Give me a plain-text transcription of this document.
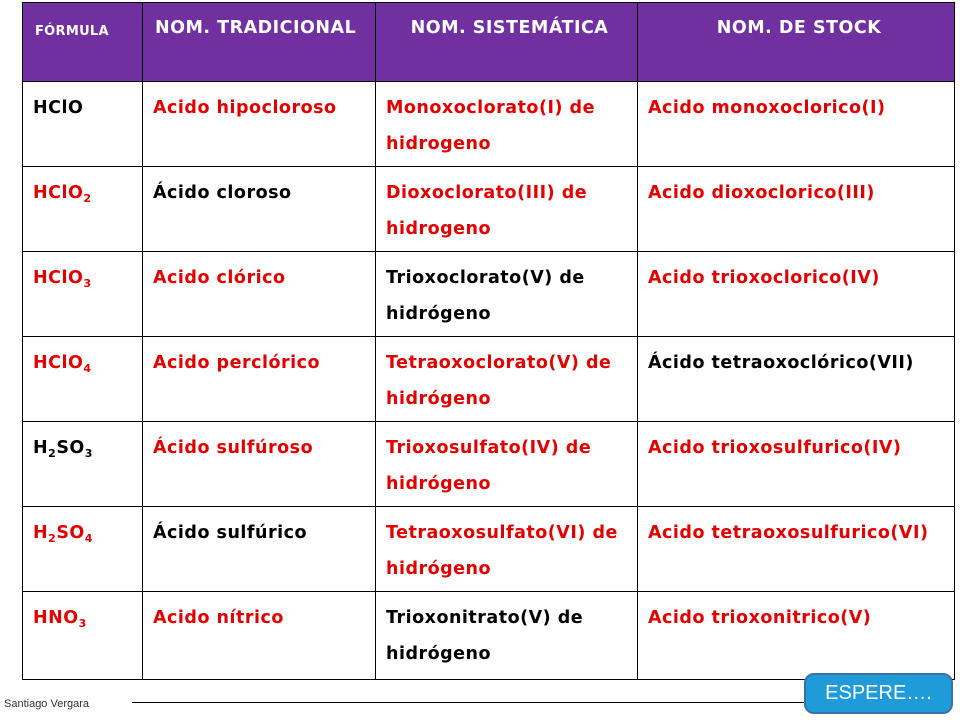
FÓRMULA	NOM. TRADICIONAL	NOM. SISTEMÁTICA	NOM. DE STOCK
HClO	Acido hipocloroso	Monoxoclorato(I) de hidrogeno	Acido monoxoclorico(I)
HClO$_2$	Ácido cloroso	Dioxoclorato(III) de hidrogeno	Acido dioxoclorico(III)
HClO$_3$	Acido clórico	Trioxoclorato(V) de hidrógeno	Acido trioxoclorico(IV)
HClO$_4$	Acido perclórico	Tetraoxoclorato(V) de hidrógeno	Ácido tetraoxoclórico(VII)
$H_2SO_3$	Ácido sulfúroso	Trioxosulfato(IV) de hidrógeno	Acido trioxosulfurico(IV)
$H_2SO_4$	Ácido sulfúrico	Tetraoxosulfato(VI) de hidrógeno	Acido tetraoxosulfurico(VI)
$HNO_3$	Acido nítrico	Trioxonitrato(V) de hidrógeno	Acido trioxonitrico(V)
Santiago Vergara	ESPERE….
